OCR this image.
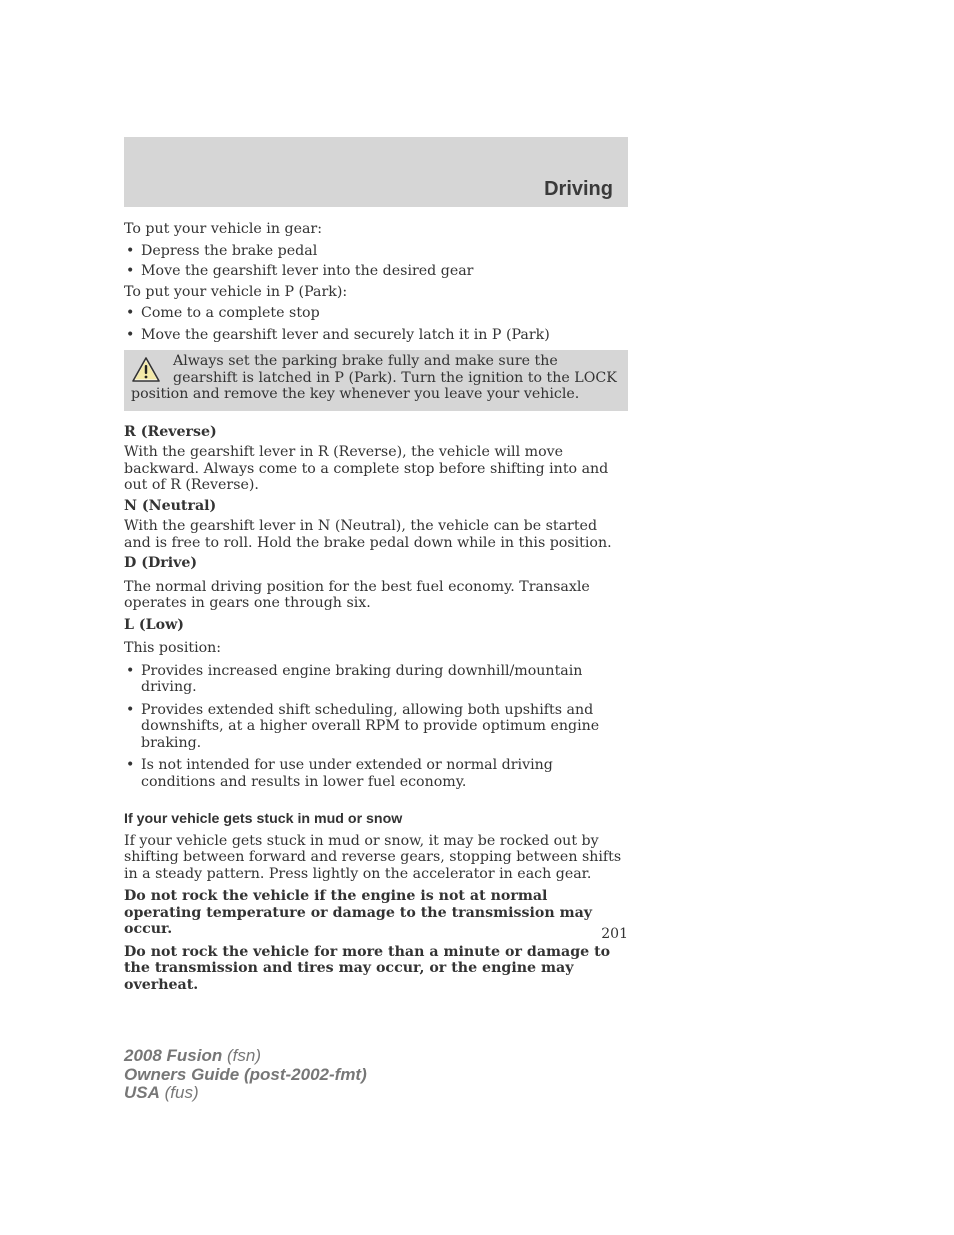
Driving

To put your vehicle in gear:

• Depress the brake pedal

• Move the gearshift lever into the desired gear

To put your vehicle in P (Park):

• Come to a complete stop

• Move the gearshift lever and securely latch it in P (Park)

Always set the parking brake fully and make sure the gearshift is latched in P (Park). Turn the ignition to the LOCK position and remove the key whenever you leave your vehicle.

R (Reverse)

With the gearshift lever in R (Reverse), the vehicle will move backward. Always come to a complete stop before shifting into and out of R (Reverse).

N (Neutral)

With the gearshift lever in N (Neutral), the vehicle can be started and is free to roll. Hold the brake pedal down while in this position.

D (Drive)

The normal driving position for the best fuel economy. Transaxle operates in gears one through six.

L (Low)

This position:

• Provides increased engine braking during downhill/mountain driving.

• Provides extended shift scheduling, allowing both upshifts and downshifts, at a higher overall RPM to provide optimum engine braking.

• Is not intended for use under extended or normal driving conditions and results in lower fuel economy.

If your vehicle gets stuck in mud or snow

If your vehicle gets stuck in mud or snow, it may be rocked out by shifting between forward and reverse gears, stopping between shifts in a steady pattern. Press lightly on the accelerator in each gear.

Do not rock the vehicle if the engine is not at normal operating temperature or damage to the transmission may occur.

Do not rock the vehicle for more than a minute or damage to the transmission and tires may occur, or the engine may overheat.

201
2008 Fusion (fsn)
Owners Guide (post-2002-fmt)
USA (fus)
